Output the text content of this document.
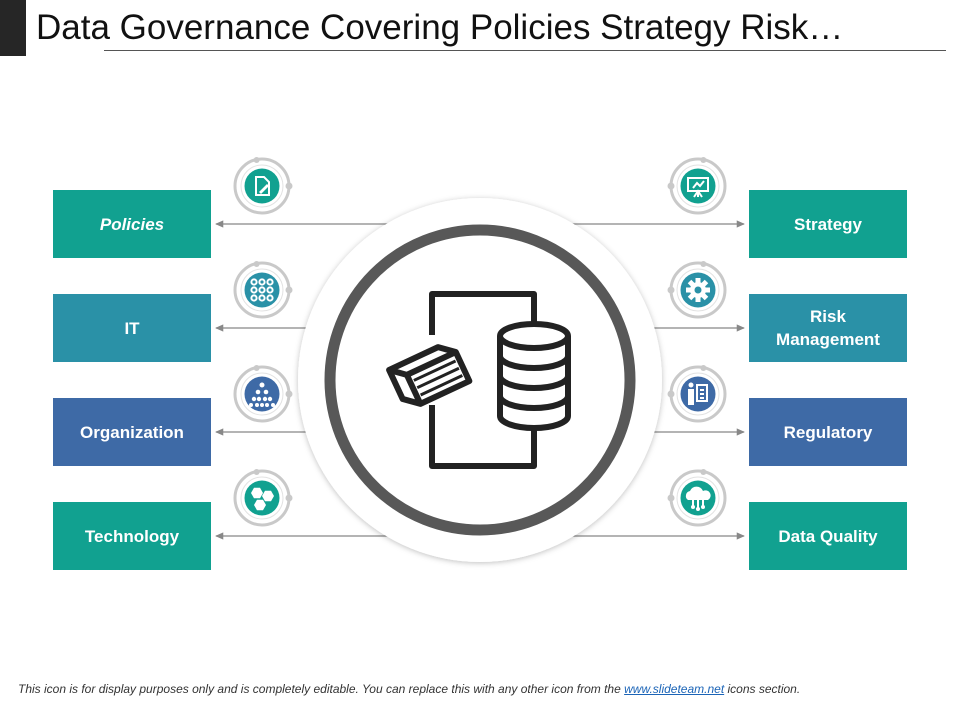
Data Governance Covering Policies Strategy Risk…
Policies
IT
Organization
Technology
Strategy
Risk Management
Regulatory
Data Quality
This icon is for display purposes only and is completely editable. You can replace this with any other icon from the www.slideteam.net icons section.
